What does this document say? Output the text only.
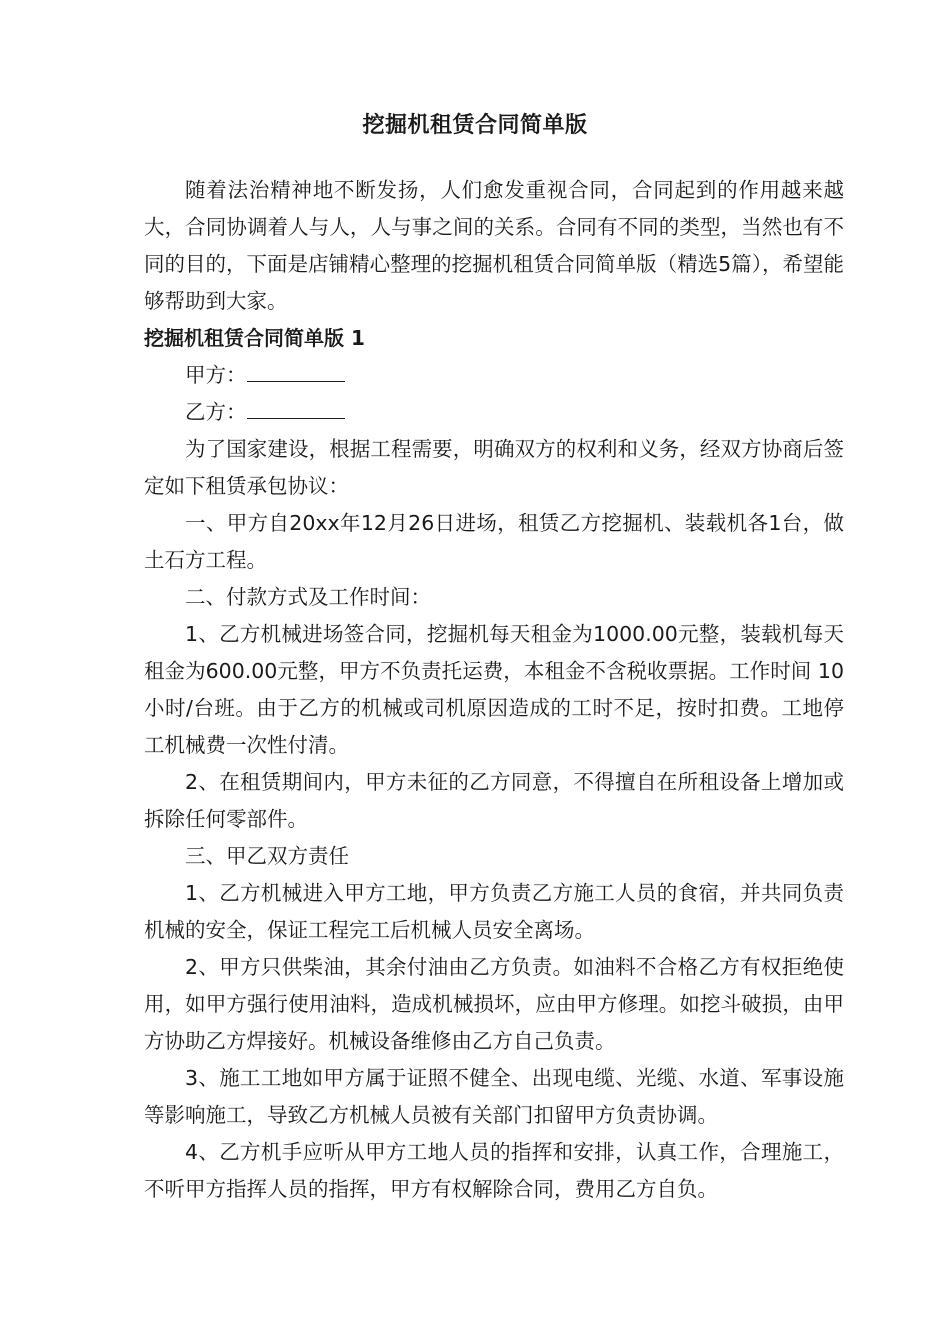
挖掘机租赁合同简单版

随着法治精神地不断发扬，人们愈发重视合同，合同起到的作用越来越大，合同协调着人与人，人与事之间的关系。合同有不同的类型，当然也有不同的目的，下面是店铺精心整理的挖掘机租赁合同简单版（精选5篇），希望能够帮助到大家。

挖掘机租赁合同简单版 1

甲方：

乙方：

为了国家建设，根据工程需要，明确双方的权利和义务，经双方协商后签定如下租赁承包协议：

一、甲方自20xx年12月26日进场，租赁乙方挖掘机、装载机各1台，做土石方工程。

二、付款方式及工作时间：

1、乙方机械进场签合同，挖掘机每天租金为1000.00元整，装载机每天租金为600.00元整，甲方不负责托运费，本租金不含税收票据。工作时间 10 小时/台班。由于乙方的机械或司机原因造成的工时不足，按时扣费。工地停工机械费一次性付清。

2、在租赁期间内，甲方未征的乙方同意，不得擅自在所租设备上增加或拆除任何零部件。

三、甲乙双方责任

1、乙方机械进入甲方工地，甲方负责乙方施工人员的食宿，并共同负责机械的安全，保证工程完工后机械人员安全离场。

2、甲方只供柴油，其余付油由乙方负责。如油料不合格乙方有权拒绝使用，如甲方强行使用油料，造成机械损坏，应由甲方修理。如挖斗破损，由甲方协助乙方焊接好。机械设备维修由乙方自己负责。

3、施工工地如甲方属于证照不健全、出现电缆、光缆、水道、军事设施等影响施工，导致乙方机械人员被有关部门扣留甲方负责协调。

4、乙方机手应听从甲方工地人员的指挥和安排，认真工作，合理施工，不听甲方指挥人员的指挥，甲方有权解除合同，费用乙方自负。
